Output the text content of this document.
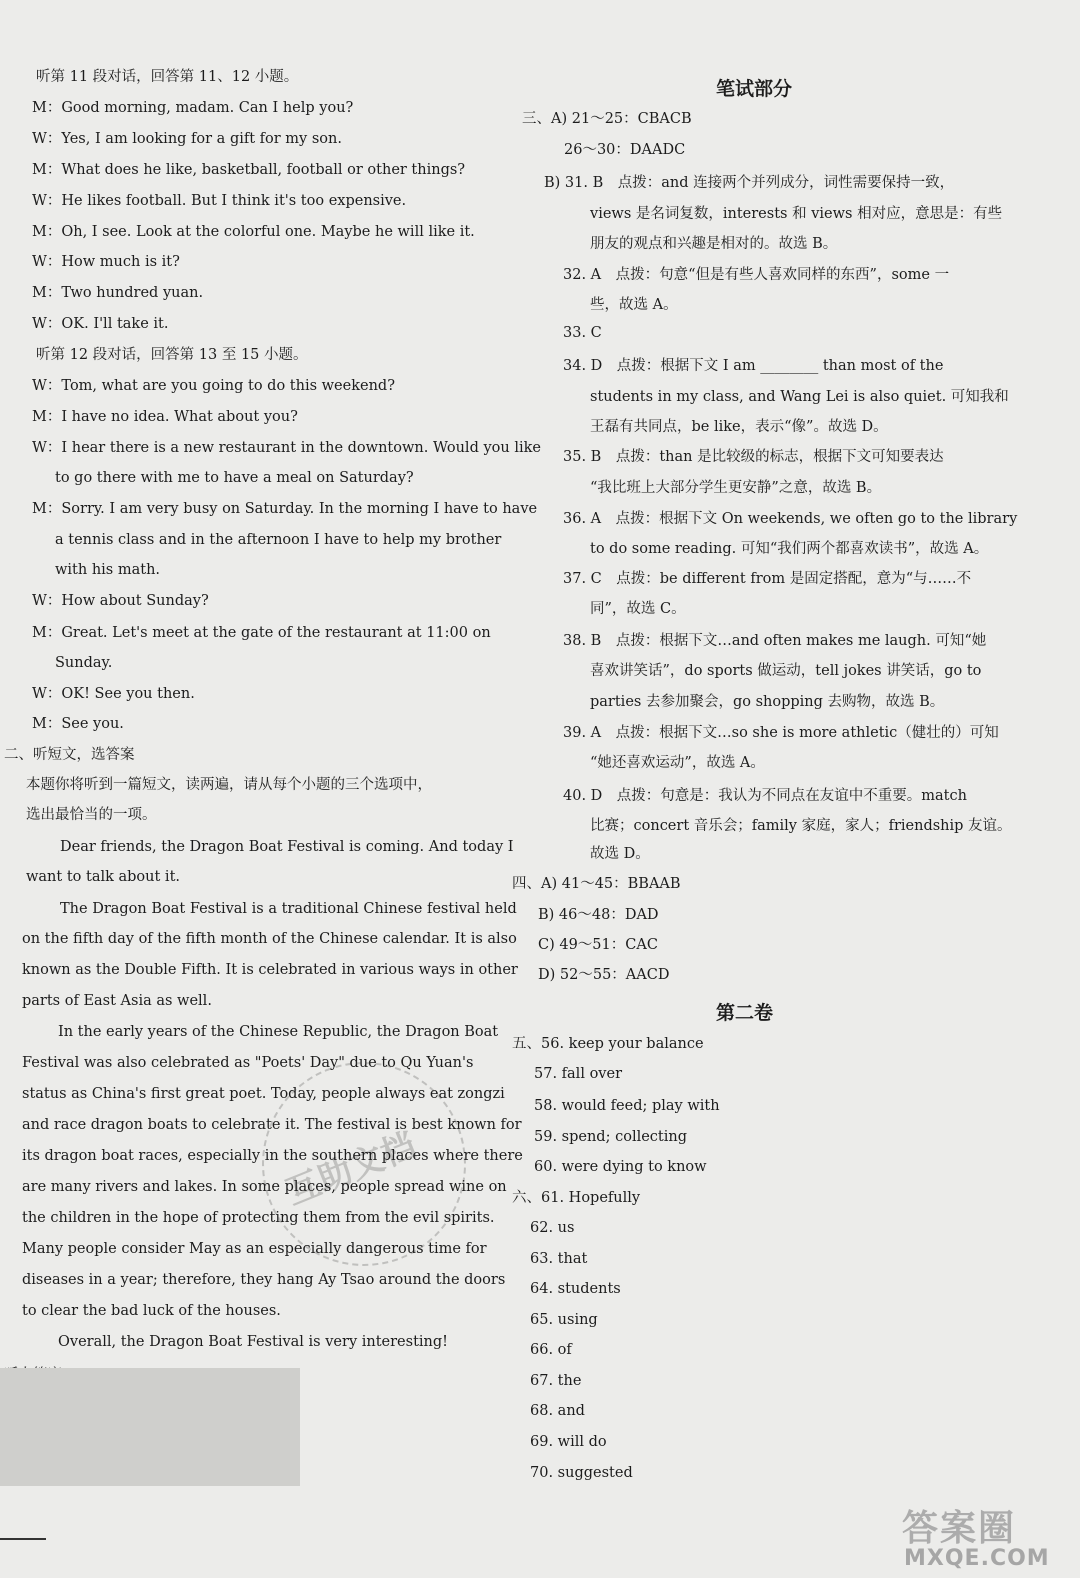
听第 11 段对话，回答第 11、12 小题。
M：Good morning, madam. Can I help you?
W：Yes, I am looking for a gift for my son.
M：What does he like, basketball, football or other things?
W：He likes football. But I think it's too expensive.
M：Oh, I see. Look at the colorful one. Maybe he will like it.
W：How much is it?
M：Two hundred yuan.
W：OK. I'll take it.
听第 12 段对话，回答第 13 至 15 小题。
W：Tom, what are you going to do this weekend?
M：I have no idea. What about you?
W：I hear there is a new restaurant in the downtown. Would you like
to go there with me to have a meal on Saturday?
M：Sorry. I am very busy on Saturday. In the morning I have to have
a tennis class and in the afternoon I have to help my brother
with his math.
W：How about Sunday?
M：Great. Let's meet at the gate of the restaurant at 11:00 on
Sunday.
W：OK! See you then.
M：See you.
二、听短文，选答案
本题你将听到一篇短文，读两遍，请从每个小题的三个选项中，
选出最恰当的一项。
Dear friends, the Dragon Boat Festival is coming. And today I
want to talk about it.
The Dragon Boat Festival is a traditional Chinese festival held
on the fifth day of the fifth month of the Chinese calendar. It is also
known as the Double Fifth. It is celebrated in various ways in other
parts of East Asia as well.
In the early years of the Chinese Republic, the Dragon Boat
Festival was also celebrated as "Poets' Day" due to Qu Yuan's
status as China's first great poet. Today, people always eat zongzi
and race dragon boats to celebrate it. The festival is best known for
its dragon boat races, especially in the southern places where there
are many rivers and lakes. In some places, people spread wine on
the children in the hope of protecting them from the evil spirits.
Many people consider May as an especially dangerous time for
diseases in a year; therefore, they hang Ay Tsao around the doors
to clear the bad luck of the houses.
Overall, the Dragon Boat Festival is very interesting!
笔试部分
第二卷
三、A) 21～25：CBACB
26～30：DAADC
B) 31. B　点拨：and 连接两个并列成分，词性需要保持一致，
views 是名词复数，interests 和 views 相对应，意思是：有些
朋友的观点和兴趣是相对的。故选 B。
32. A　点拨：句意“但是有些人喜欢同样的东西”，some 一
些，故选 A。
33. C
34. D　点拨：根据下文 I am ________ than most of the
students in my class, and Wang Lei is also quiet. 可知我和
王磊有共同点，be like，表示“像”。故选 D。
35. B　点拨：than 是比较级的标志，根据下文可知要表达
“我比班上大部分学生更安静”之意，故选 B。
36. A　点拨：根据下文 On weekends, we often go to the library
to do some reading. 可知“我们两个都喜欢读书”，故选 A。
37. C　点拨：be different from 是固定搭配，意为“与……不
同”，故选 C。
38. B　点拨：根据下文…and often makes me laugh. 可知“她
喜欢讲笑话”，do sports 做运动，tell jokes 讲笑话，go to
parties 去参加聚会，go shopping 去购物，故选 B。
39. A　点拨：根据下文…so she is more athletic（健壮的）可知
“她还喜欢运动”，故选 A。
40. D　点拨：句意是：我认为不同点在友谊中不重要。match
比赛；concert 音乐会；family 家庭，家人；friendship 友谊。
故选 D。
四、A) 41～45：BBAAB
B) 46～48：DAD
C) 49～51：CAC
D) 52～55：AACD
五、56. keep your balance
57. fall over
58. would feed; play with
59. spend; collecting
60. were dying to know
六、61. Hopefully
62. us
63. that
64. students
65. using
66. of
67. the
68. and
69. will do
70. suggested
互助文档
答案圈
MXQE.COM
